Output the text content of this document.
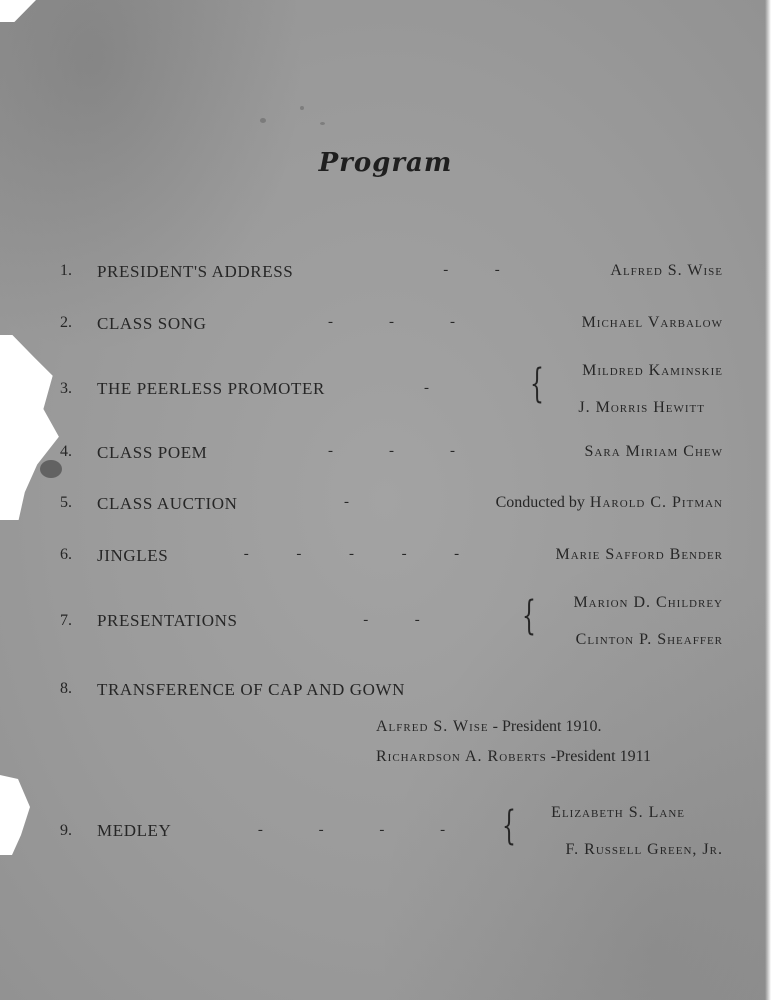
Program
1.	PRESIDENT'S ADDRESS	-	-	Alfred S. Wise
2.	CLASS SONG	-	-	-	Michael Varbalow
3.	THE PEERLESS PROMOTER	-	{ Mildred Kaminskie
J. Morris Hewitt
4.	CLASS POEM	-	-	-	Sara Miriam Chew
5.	CLASS AUCTION	-	Conducted by Harold C. Pitman
6.	JINGLES	-	-	-	-	-	Marie Safford Bender
7.	PRESENTATIONS	-	-	{ Marion D. Childrey
Clinton P. Sheaffer
8.	TRANSFERENCE OF CAP AND GOWN
Alfred S. Wise - President 1910.
Richardson A. Roberts -President 1911
9.	MEDLEY	-	-	-	- { Elizabeth S. Lane
F. Russell Green, Jr.
